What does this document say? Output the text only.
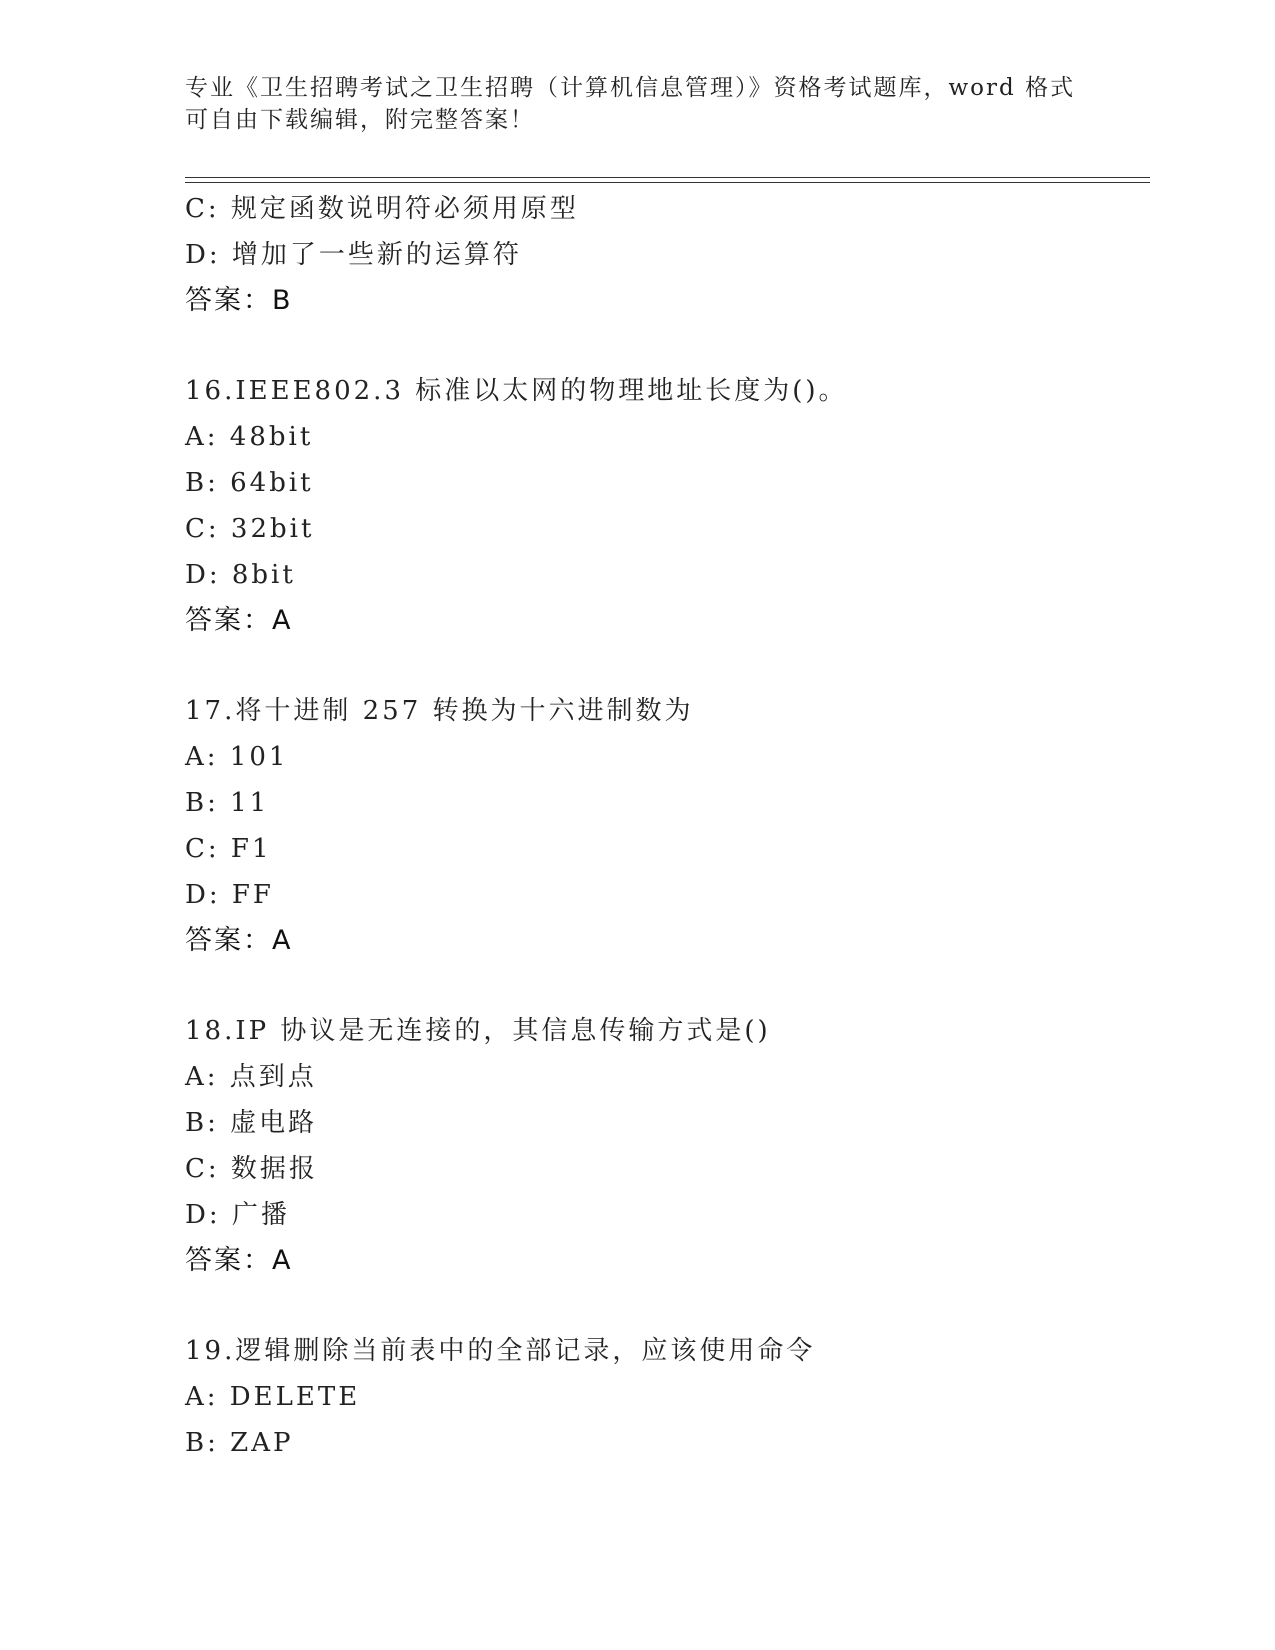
专业《卫生招聘考试之卫生招聘（计算机信息管理）》资格考试题库，word 格式
可自由下载编辑，附完整答案！
C: 规定函数说明符必须用原型
D: 增加了一些新的运算符
答案：B
16.IEEE802.3 标准以太网的物理地址长度为()。
A: 48bit
B: 64bit
C: 32bit
D: 8bit
答案：A
17.将十进制 257 转换为十六进制数为
A: 101
B: 11
C: F1
D: FF
答案：A
18.IP 协议是无连接的，其信息传输方式是()
A: 点到点
B: 虚电路
C: 数据报
D: 广播
答案：A
19.逻辑删除当前表中的全部记录，应该使用命令
A: DELETE
B: ZAP
